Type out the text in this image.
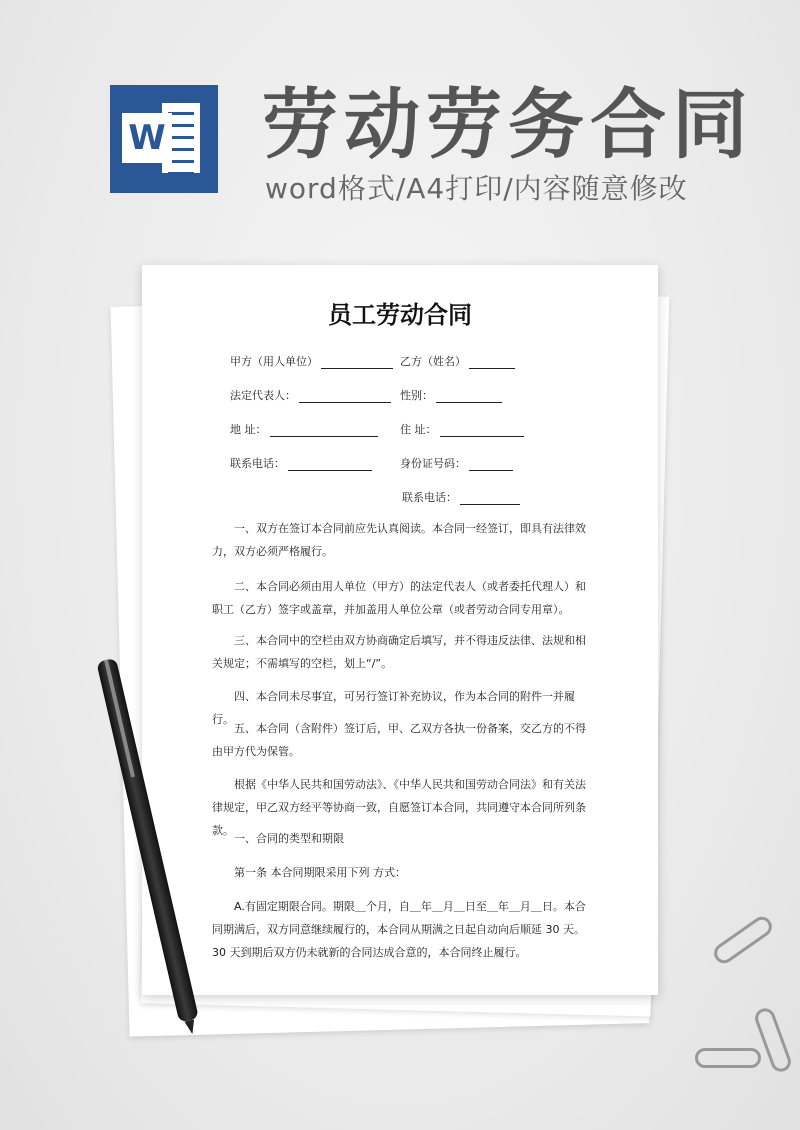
W 劳动劳务合同
word格式/A4打印/内容随意修改
员工劳动合同
甲方（用人单位）	乙方（姓名）
法定代表人：	性别：
地 址：	住 址：
联系电话：	身份证号码：
联系电话：
一、双方在签订本合同前应先认真阅读。本合同一经签订，即具有法律效力，双方必须严格履行。
二、本合同必须由用人单位（甲方）的法定代表人（或者委托代理人）和职工（乙方）签字或盖章，并加盖用人单位公章（或者劳动合同专用章）。
三、本合同中的空栏由双方协商确定后填写，并不得违反法律、法规和相关规定；不需填写的空栏，划上“/”。
四、本合同未尽事宜，可另行签订补充协议，作为本合同的附件一并履行。
五、本合同（含附件）签订后，甲、乙双方各执一份备案，交乙方的不得由甲方代为保管。
根据《中华人民共和国劳动法》、《中华人民共和国劳动合同法》和有关法律规定，甲乙双方经平等协商一致，自愿签订本合同，共同遵守本合同所列条款。
一、合同的类型和期限
第一条 本合同期限采用下列 方式：
A.有固定期限合同。期限＿个月，自＿年＿月＿日至＿年＿月＿日。本合同期满后，双方同意继续履行的，本合同从期满之日起自动向后顺延 30 天。30 天到期后双方仍未就新的合同达成合意的，本合同终止履行。
